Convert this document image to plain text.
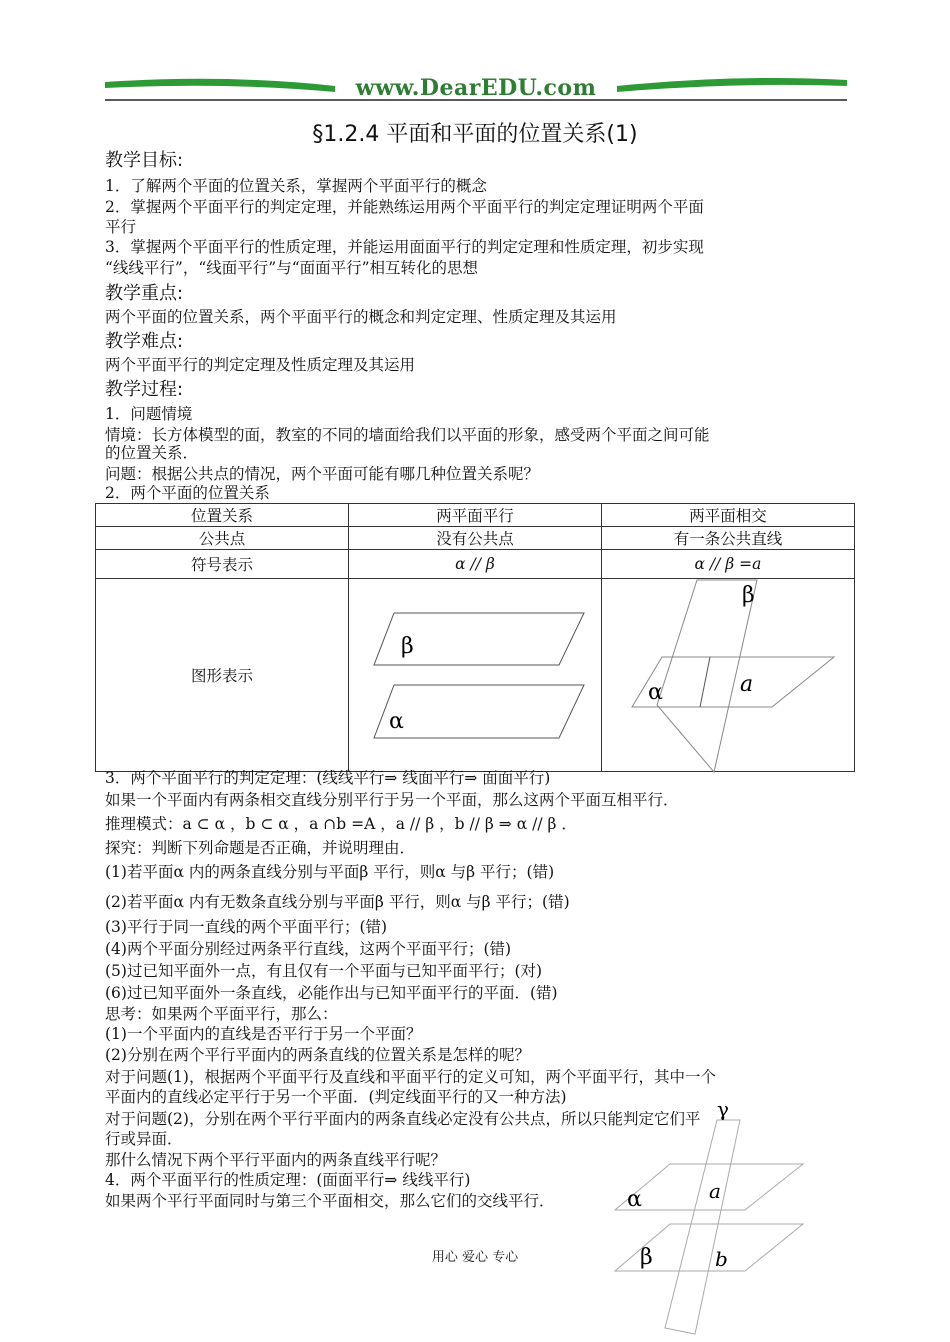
www.DearEDU.com
§1.2.4 平面和平面的位置关系(1)
教学目标:
1．了解两个平面的位置关系，掌握两个平面平行的概念
2．掌握两个平面平行的判定定理，并能熟练运用两个平面平行的判定定理证明两个平面
平行
3．掌握两个平面平行的性质定理，并能运用面面平行的判定定理和性质定理，初步实现
“线线平行”，“线面平行”与“面面平行”相互转化的思想
教学重点:
两个平面的位置关系，两个平面平行的概念和判定定理、性质定理及其运用
教学难点:
两个平面平行的判定定理及性质定理及其运用
教学过程:
1．问题情境
情境：长方体模型的面，教室的不同的墙面给我们以平面的形象，感受两个平面之间可能
的位置关系．
问题：根据公共点的情况，两个平面可能有哪几种位置关系呢？
2．两个平面的位置关系
位置关系	两平面平行	两平面相交
公共点	没有公共点	有一条公共直线
符号表示	α // β	α // β =a
图形表示		
β
α
β
α	a
3．两个平面平行的判定定理：(线线平行⇒ 线面平行⇒ 面面平行)
如果一个平面内有两条相交直线分别平行于另一个平面，那么这两个平面互相平行．
推理模式：a ⊂ α ，b ⊂ α ，a ∩b =A ，a // β ，b // β ⇒ α // β ．
探究：判断下列命题是否正确，并说明理由．
(1)若平面α 内的两条直线分别与平面β 平行，则α 与β 平行；(错)
(2)若平面α 内有无数条直线分别与平面β 平行，则α 与β 平行；(错)
(3)平行于同一直线的两个平面平行；(错)
(4)两个平面分别经过两条平行直线，这两个平面平行；(错)
(5)过已知平面外一点，有且仅有一个平面与已知平面平行；(对)
(6)过已知平面外一条直线，必能作出与已知平面平行的平面．(错)
思考：如果两个平面平行，那么：
(1)一个平面内的直线是否平行于另一个平面？
(2)分别在两个平行平面内的两条直线的位置关系是怎样的呢？
对于问题(1)，根据两个平面平行及直线和平面平行的定义可知，两个平面平行，其中一个
平面内的直线必定平行于另一个平面．(判定线面平行的又一种方法)
对于问题(2)，分别在两个平行平面内的两条直线必定没有公共点，所以只能判定它们平
行或异面．
那什么情况下两个平行平面内的两条直线平行呢？
4．两个平面平行的性质定理：(面面平行⇒ 线线平行)
如果两个平行平面同时与第三个平面相交，那么它们的交线平行．
γ
α	a
β	b
用心 爱心 专心
